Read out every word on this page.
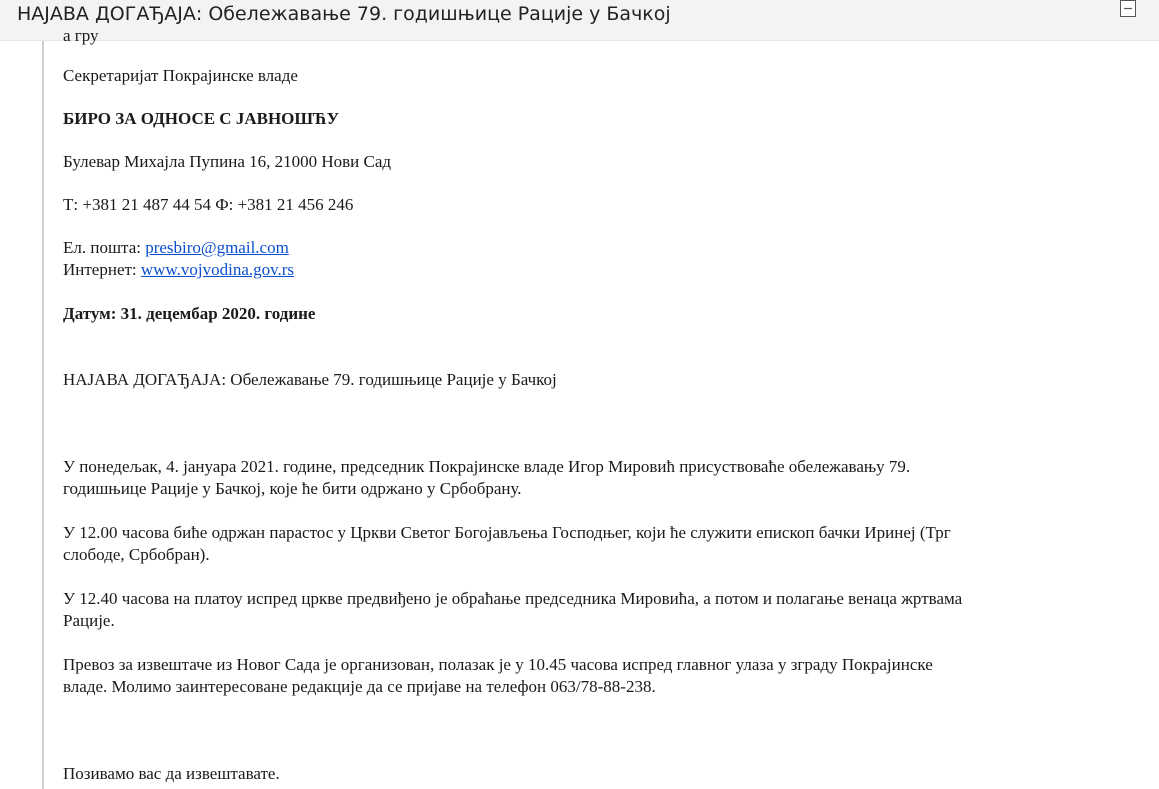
НАЈАВА ДОГАЂАЈА: Обележавање 79. годишњице Рације у Бачкој
а гру
Секретаријат Покрајинске владе
БИРО ЗА ОДНОСЕ С ЈАВНОШЋУ
Булевар Михајла Пупина 16, 21000 Нови Сад
Т: +381 21 487 44 54 Ф: +381 21 456 246
Ел. пошта: presbiro@gmail.com
Интернет: www.vojvodina.gov.rs
Датум: 31. децембар 2020. године
НАЈАВА ДОГАЂАЈА: Обележавање 79. годишњице Рације у Бачкој
У понедељак, 4. јануара 2021. године, председник Покрајинске владе Игор Мировић присуствоваће обележавању 79.
годишњице Рације у Бачкој, које ће бити одржано у Србобрану.
У 12.00 часова биће одржан парастос у Цркви Светог Богојављења Господњег, који ће служити епископ бачки Иринеј (Трг
слободе, Србобран).
У 12.40 часова на платоу испред цркве предвиђено је обраћање председника Мировића, а потом и полагање венаца жртвама
Рације.
Превоз за извештаче из Новог Сада је организован, полазак је у 10.45 часова испред главног улаза у зграду Покрајинске
владе. Молимо заинтересоване редакције да се пријаве на телефон 063/78-88-238.
Позивамо вас да извештавате.
